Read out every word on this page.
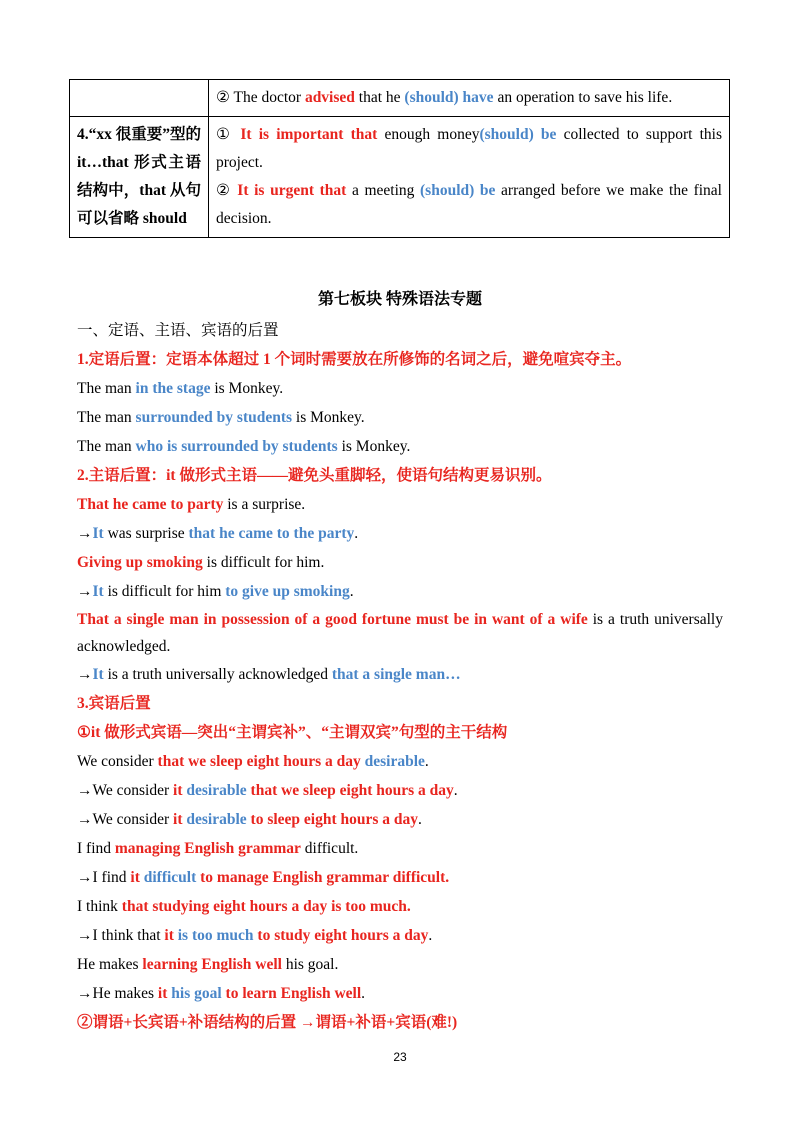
	② The doctor advised that he (should) have an operation to save his life.
4.“xx 很重要”型的 it…that 形式主语结构中，that 从句可以省略 should	① It is important that enough money(should) be collected to support this project.
② It is urgent that a meeting (should) be arranged before we make the final decision.
第七板块 特殊语法专题
一、定语、主语、宾语的后置
1.定语后置：定语本体超过 1 个词时需要放在所修饰的名词之后，避免喧宾夺主。
The man in the stage is Monkey.
The man surrounded by students is Monkey.
The man who is surrounded by students is Monkey.
2.主语后置：it 做形式主语——避免头重脚轻，使语句结构更易识别。
That he came to party is a surprise.
→It was surprise that he came to the party.
Giving up smoking is difficult for him.
→It is difficult for him to give up smoking.
That a single man in possession of a good fortune must be in want of a wife is a truth universally acknowledged.
→It is a truth universally acknowledged that a single man…
3.宾语后置
①it 做形式宾语—突出“主谓宾补”、“主谓双宾”句型的主干结构
We consider that we sleep eight hours a day desirable.
→We consider it desirable that we sleep eight hours a day.
→We consider it desirable to sleep eight hours a day.
I find managing English grammar difficult.
→I find it difficult to manage English grammar difficult.
I think that studying eight hours a day is too much.
→I think that it is too much to study eight hours a day.
He makes learning English well his goal.
→He makes it his goal to learn English well.
②谓语+长宾语+补语结构的后置 →谓语+补语+宾语(难!)
23
